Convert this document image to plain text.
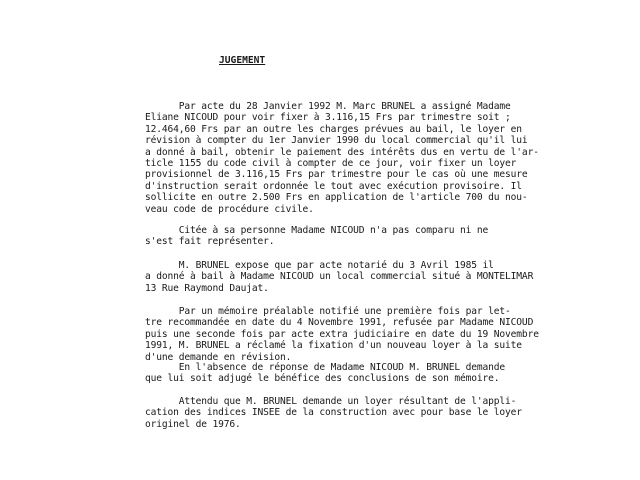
JUGEMENT

Par acte du 28 Janvier 1992 M. Marc BRUNEL a assigné Madame
Eliane NICOUD pour voir fixer à 3.116,15 Frs par trimestre soit ;
12.464,60 Frs par an outre les charges prévues au bail, le loyer en
révision à compter du 1er Janvier 1990 du local commercial qu'il lui
a donné à bail, obtenir le paiement des intérêts dus en vertu de l'ar-
ticle 1155 du code civil à compter de ce jour, voir fixer un loyer
provisionnel de 3.116,15 Frs par trimestre pour le cas où une mesure
d'instruction serait ordonnée le tout avec exécution provisoire. Il
sollicite en outre 2.500 Frs en application de l'article 700 du nou-
veau code de procédure civile.

Citée à sa personne Madame NICOUD n'a pas comparu ni ne
s'est fait représenter.

M. BRUNEL expose que par acte notarié du 3 Avril 1985 il
a donné à bail à Madame NICOUD un local commercial situé à MONTELIMAR
13 Rue Raymond Daujat.

Par un mémoire préalable notifié une première fois par let-
tre recommandée en date du 4 Novembre 1991, refusée par Madame NICOUD
puis une seconde fois par acte extra judiciaire en date du 19 Novembre
1991, M. BRUNEL a réclamé la fixation d'un nouveau loyer à la suite
d'une demande en révision.

En l'absence de réponse de Madame NICOUD M. BRUNEL demande
que lui soit adjugé le bénéfice des conclusions de son mémoire.

Attendu que M. BRUNEL demande un loyer résultant de l'appli-
cation des indices INSEE de la construction avec pour base le loyer
originel de 1976.
